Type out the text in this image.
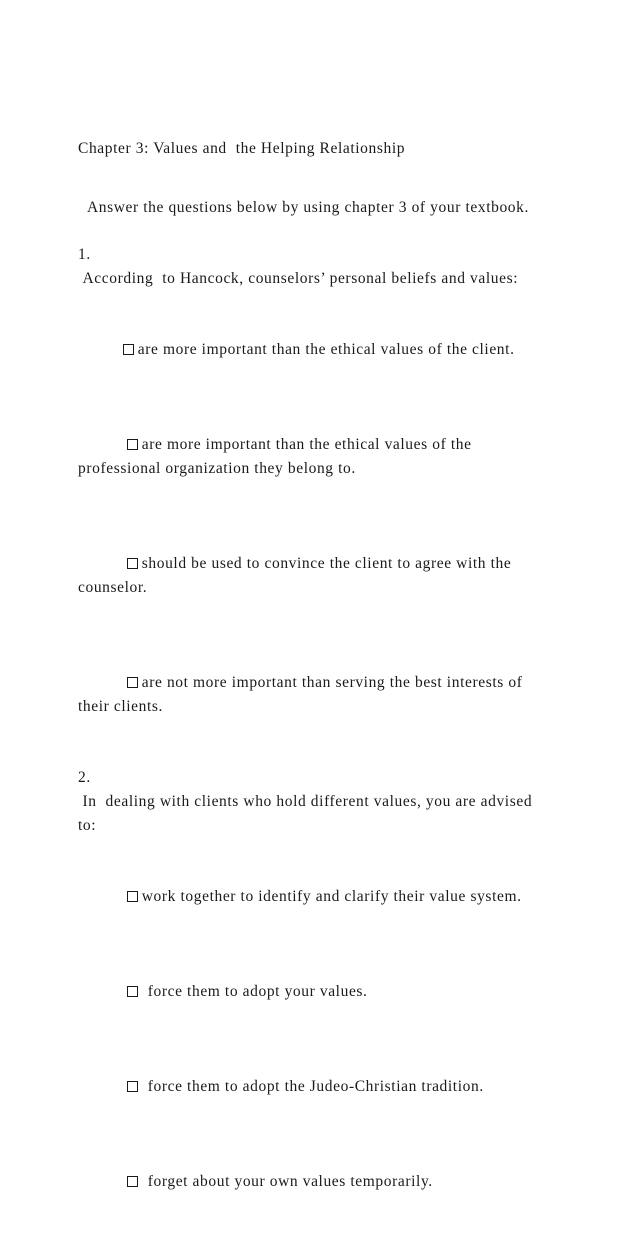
Chapter 3: Values and  the Helping Relationship
Answer the questions below by using chapter 3 of your textbook.
1.
According  to Hancock, counselors’ personal beliefs and values:

are more important than the ethical values of the client.

are more important than the ethical values of the professional organization they belong to.

should be used to convince the client to agree with the counselor.

are not more important than serving the best interests of their clients.

2.
In  dealing with clients who hold different values, you are advised to:

work together to identify and clarify their value system.

force them to adopt your values.

force them to adopt the Judeo-Christian tradition.

forget about your own values temporarily.
